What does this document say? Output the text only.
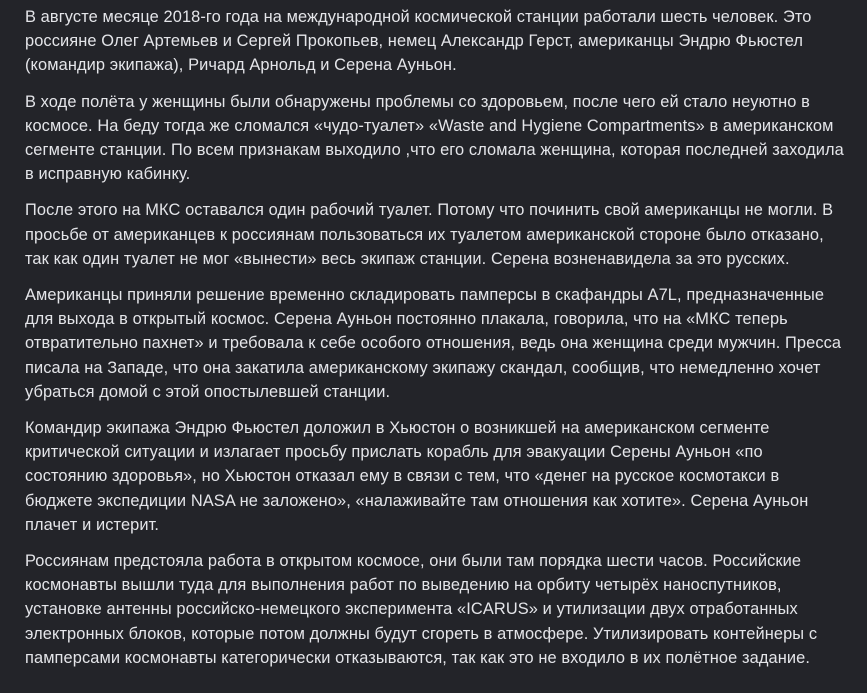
В августе месяце 2018-го года на международной космической станции работали шесть человек. Это россияне Олег Артемьев и Сергей Прокопьев, немец Александр Герст, американцы Эндрю Фьюстел (командир экипажа), Ричард Арнольд и Серена Ауньон.

В ходе полёта у женщины были обнаружены проблемы со здоровьем, после чего ей стало неуютно в космосе. На беду тогда же сломался «чудо-туалет» «Waste and Hygiene Compartments» в американском сегменте станции. По всем признакам выходило ,что его сломала женщина, которая последней заходила в исправную кабинку.

После этого на МКС оставался один рабочий туалет. Потому что починить свой американцы не могли. В просьбе от американцев к россиянам пользоваться их туалетом американской стороне было отказано, так как один туалет не мог «вынести» весь экипаж станции. Серена возненавидела за это русских.

Американцы приняли решение временно складировать памперсы в скафандры A7L, предназначенные для выхода в открытый космос. Серена Ауньон постоянно плакала, говорила, что на «МКС теперь отвратительно пахнет» и требовала к себе особого отношения, ведь она женщина среди мужчин. Пресса писала на Западе, что она закатила американскому экипажу скандал, сообщив, что немедленно хочет убраться домой с этой опостылевшей станции.

Командир экипажа Эндрю Фьюстел доложил в Хьюстон о возникшей на американском сегменте критической ситуации и излагает просьбу прислать корабль для эвакуации Серены Ауньон «по состоянию здоровья», но Хьюстон отказал ему в связи с тем, что «денег на русское космотакси в бюджете экспедиции NASA не заложено», «налаживайте там отношения как хотите». Серена Ауньон плачет и истерит.

Россиянам предстояла работа в открытом космосе, они были там порядка шести часов. Российские космонавты вышли туда для выполнения работ по выведению на орбиту четырёх наноспутников, установке антенны российско-немецкого эксперимента «ICARUS» и утилизации двух отработанных электронных блоков, которые потом должны будут сгореть в атмосфере. Утилизировать контейнеры с памперсами космонавты категорически отказываются, так как это не входило в их полётное задание.
